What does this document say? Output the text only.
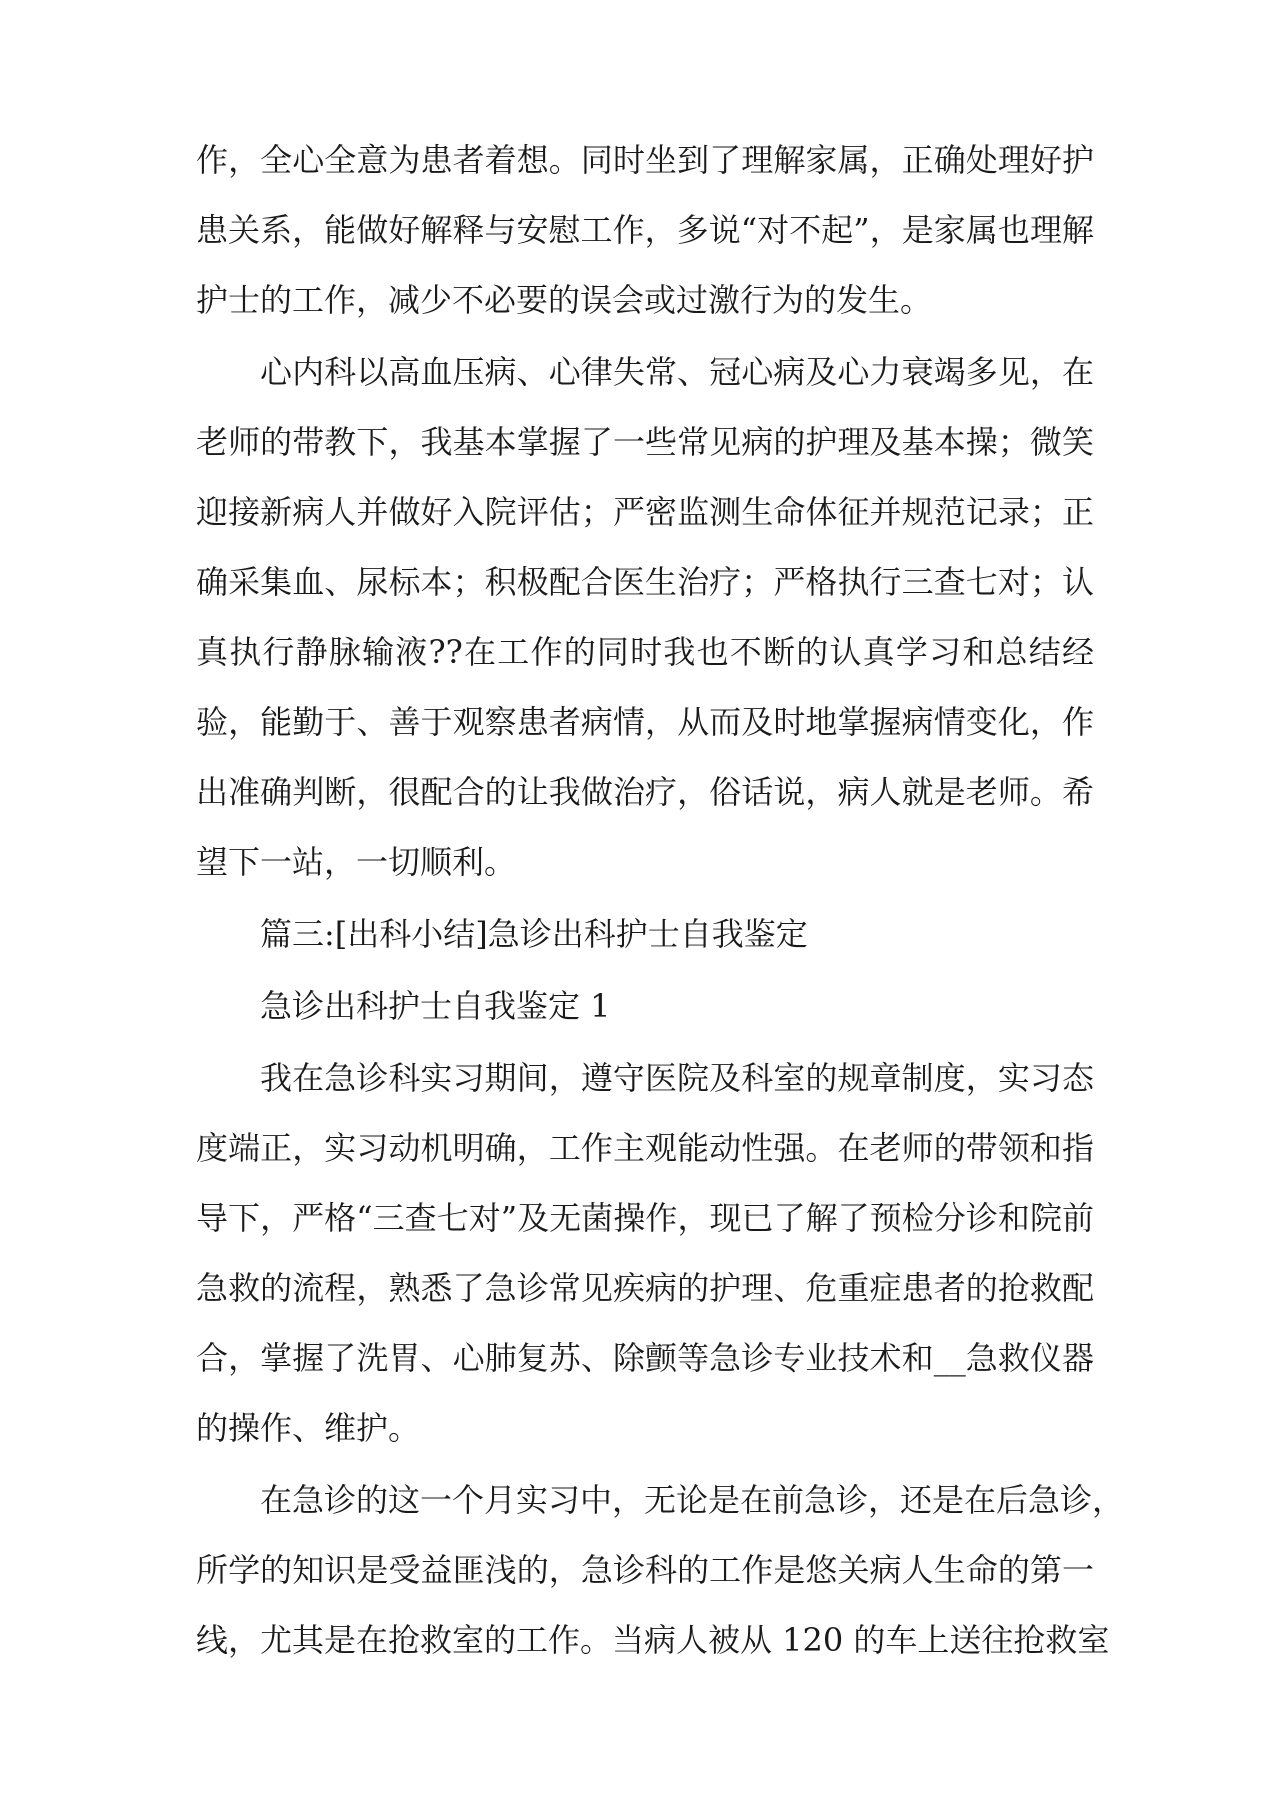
作，全心全意为患者着想。同时坐到了理解家属，正确处理好护
患关系，能做好解释与安慰工作，多说“对不起”，是家属也理解
护士的工作，减少不必要的误会或过激行为的发生。
心内科以高血压病、心律失常、冠心病及心力衰竭多见，在
老师的带教下，我基本掌握了一些常见病的护理及基本操；微笑
迎接新病人并做好入院评估；严密监测生命体征并规范记录；正
确采集血、尿标本；积极配合医生治疗；严格执行三查七对；认
真执行静脉输液??在工作的同时我也不断的认真学习和总结经
验，能勤于、善于观察患者病情，从而及时地掌握病情变化，作
出准确判断，很配合的让我做治疗，俗话说，病人就是老师。希
望下一站，一切顺利。
篇三:[出科小结]急诊出科护士自我鉴定
急诊出科护士自我鉴定 1
我在急诊科实习期间，遵守医院及科室的规章制度，实习态
度端正，实习动机明确，工作主观能动性强。在老师的带领和指
导下，严格“三查七对”及无菌操作，现已了解了预检分诊和院前
急救的流程，熟悉了急诊常见疾病的护理、危重症患者的抢救配
合，掌握了洗胃、心肺复苏、除颤等急诊专业技术和__急救仪器
的操作、维护。
在急诊的这一个月实习中，无论是在前急诊，还是在后急诊，
所学的知识是受益匪浅的，急诊科的工作是悠关病人生命的第一
线，尤其是在抢救室的工作。当病人被从 120 的车上送往抢救室
